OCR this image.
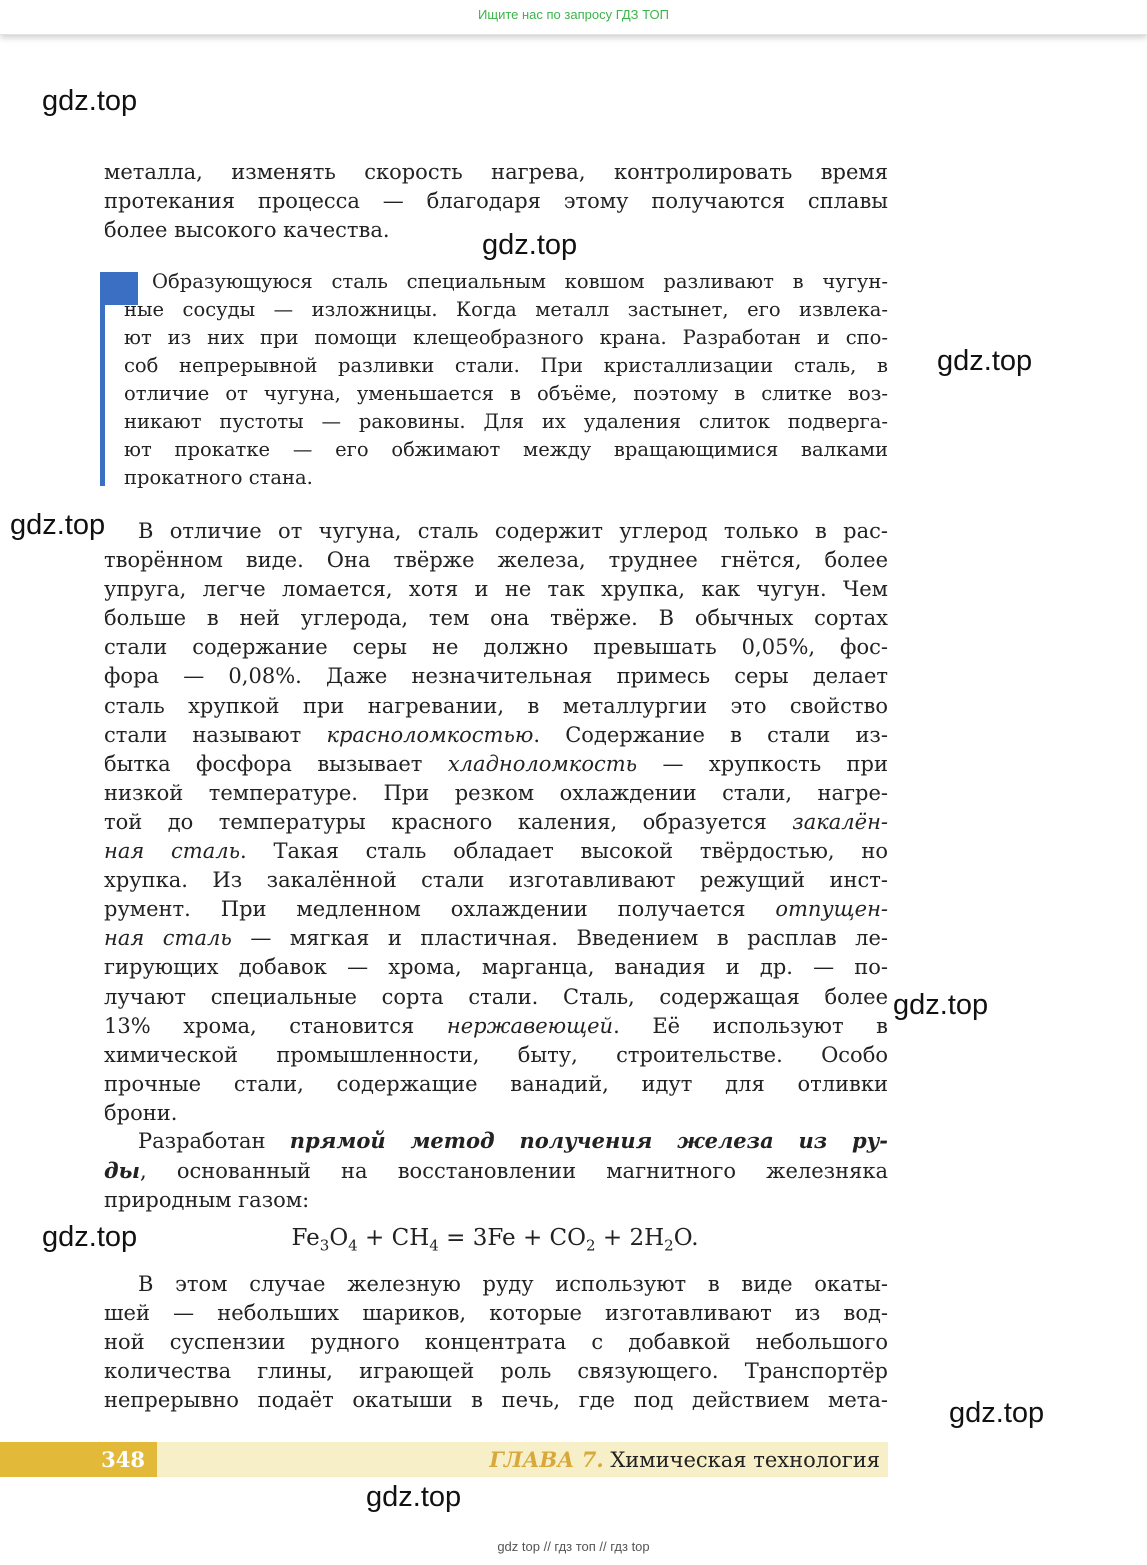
Ищите нас по запросу ГДЗ ТОП
gdz.top
gdz.top
gdz.top
gdz.top
gdz.top
gdz.top
gdz.top
gdz.top
металла, изменять скорость нагрева, контролировать время
протекания процесса — благодаря этому получаются сплавы
более высокого качества.
Образующуюся сталь специальным ковшом разливают в чугун-
ные сосуды — изложницы. Когда металл застынет, его извлека-
ют из них при помощи клещеобразного крана. Разработан и спо-
соб непрерывной разливки стали. При кристаллизации сталь, в
отличие от чугуна, уменьшается в объёме, поэтому в слитке воз-
никают пустоты — раковины. Для их удаления слиток подверга-
ют прокатке — его обжимают между вращающимися валками
прокатного стана.
В отличие от чугуна, сталь содержит углерод только в рас-
творённом виде. Она твёрже железа, труднее гнётся, более
упруга, легче ломается, хотя и не так хрупка, как чугун. Чем
больше в ней углерода, тем она твёрже. В обычных сортах
стали содержание серы не должно превышать 0,05%, фос-
фора — 0,08%. Даже незначительная примесь серы делает
сталь хрупкой при нагревании, в металлургии это свойство
стали называют красноломкостью. Содержание в стали из-
бытка фосфора вызывает хладноломкость — хрупкость при
низкой температуре. При резком охлаждении стали, нагре-
той до температуры красного каления, образуется закалён-
ная сталь. Такая сталь обладает высокой твёрдостью, но
хрупка. Из закалённой стали изготавливают режущий инст-
румент. При медленном охлаждении получается отпущен-
ная сталь — мягкая и пластичная. Введением в расплав ле-
гирующих добавок — хрома, марганца, ванадия и др. — по-
лучают специальные сорта стали. Сталь, содержащая более
13% хрома, становится нержавеющей. Её используют в
химической промышленности, быту, строительстве. Особо
прочные стали, содержащие ванадий, идут для отливки
брони.
Разработан прямой метод получения железа из ру-
ды, основанный на восстановлении магнитного железняка
природным газом:
$Fe_3O_4 + CH_4 = 3Fe + CO_2 + 2H_2O$.
В этом случае железную руду используют в виде окаты-
шей — небольших шариков, которые изготавливают из вод-
ной суспензии рудного концентрата с добавкой небольшого
количества глины, играющей роль связующего. Транспортёр
непрерывно подаёт окатыши в печь, где под действием мета-
348	ГЛАВА 7. Химическая технология
gdz top // гдз топ // гдз top
